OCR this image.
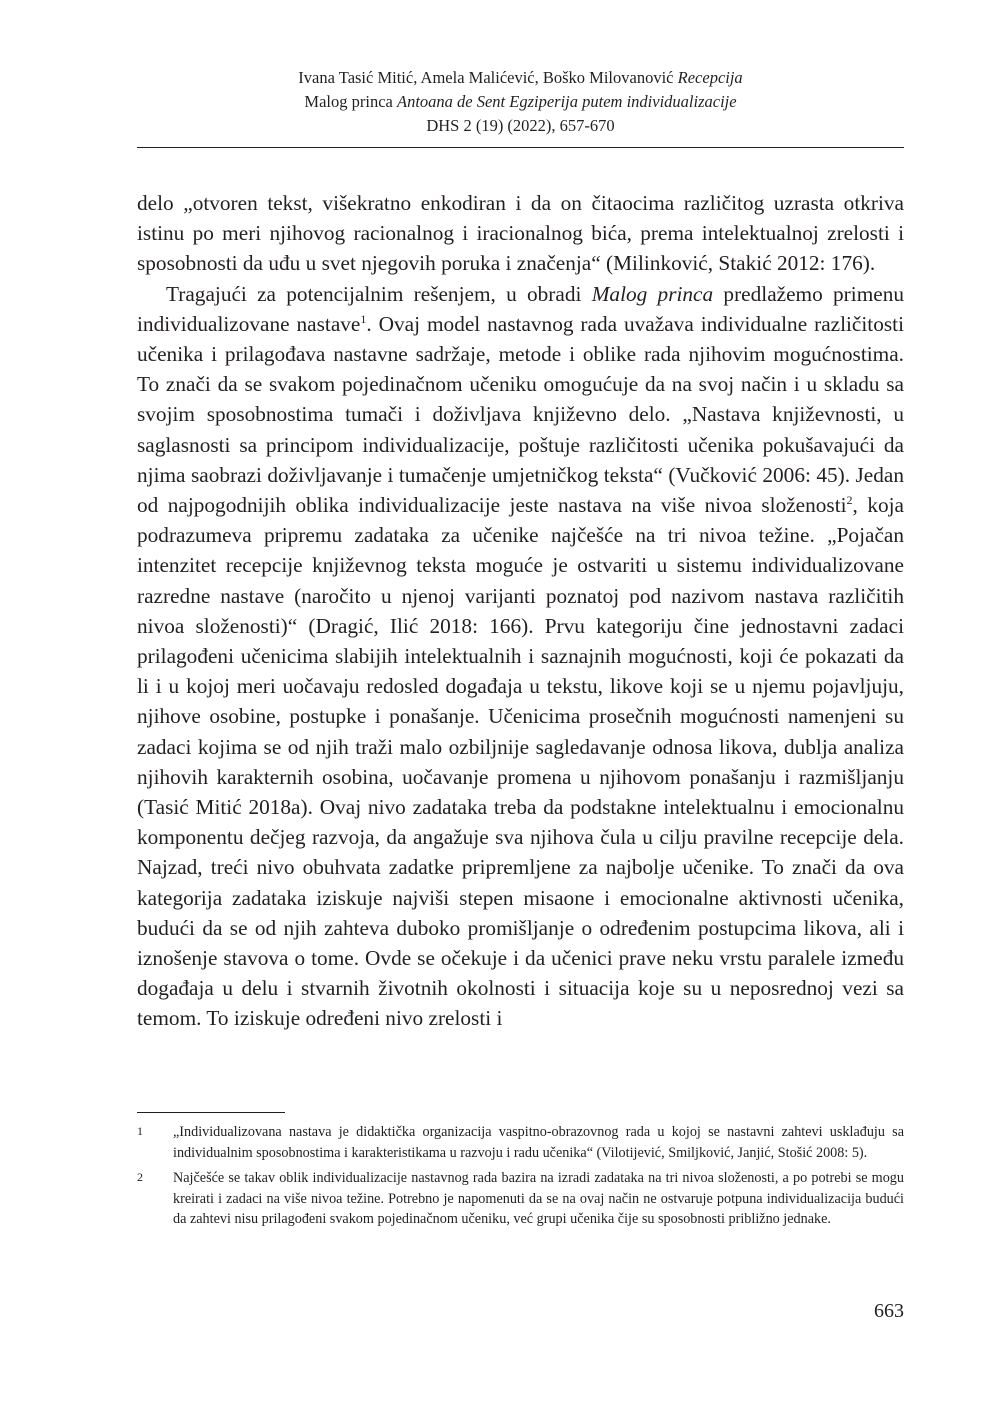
Ivana Tasić Mitić, Amela Malićević, Boško Milovanović Recepcija
Malog princa Antoana de Sent Egziperija putem individualizacije
DHS 2 (19) (2022), 657-670

delo „otvoren tekst, višekratno enkodiran i da on čitaocima različitog uzrasta otkriva istinu po meri njihovog racionalnog i iracionalnog bića, prema intelektualnoj zrelosti i sposobnosti da uđu u svet njegovih poruka i značenja“ (Milinković, Stakić 2012: 176).

Tragajući za potencijalnim rešenjem, u obradi Malog princa predlažemo primenu individualizovane nastave$^1$. Ovaj model nastavnog rada uvažava individualne različitosti učenika i prilagođava nastavne sadržaje, metode i oblike rada njihovim mogućnostima. To znači da se svakom pojedinačnom učeniku omogućuje da na svoj način i u skladu sa svojim sposobnostima tumači i doživljava književno delo. „Nastava književnosti, u saglasnosti sa principom individualizacije, poštuje različitosti učenika pokušavajući da njima saobrazi doživljavanje i tumačenje umjetničkog teksta“ (Vučković 2006: 45). Jedan od najpogodnijih oblika individualizacije jeste nastava na više nivoa složenosti$^2$, koja podrazumeva pripremu zadataka za učenike najčešće na tri nivoa težine. „Pojačan intenzitet recepcije književnog teksta moguće je ostvariti u sistemu individualizovane razredne nastave (naročito u njenoj varijanti poznatoj pod nazivom nastava različitih nivoa složenosti)“ (Dragić, Ilić 2018: 166). Prvu kategoriju čine jednostavni zadaci prilagođeni učenicima slabijih intelektualnih i saznajnih mogućnosti, koji će pokazati da li i u kojoj meri uočavaju redosled događaja u tekstu, likove koji se u njemu pojavljuju, njihove osobine, postupke i ponašanje. Učenicima prosečnih mogućnosti namenjeni su zadaci kojima se od njih traži malo ozbiljnije sagledavanje odnosa likova, dublja analiza njihovih karakternih osobina, uočavanje promena u njihovom ponašanju i razmišljanju (Tasić Mitić 2018a). Ovaj nivo zadataka treba da podstakne intelektualnu i emocionalnu komponentu dečjeg razvoja, da angažuje sva njihova čula u cilju pravilne recepcije dela. Najzad, treći nivo obuhvata zadatke pripremljene za najbolje učenike. To znači da ova kategorija zadataka iziskuje najviši stepen misaone i emocionalne aktivnosti učenika, budući da se od njih zahteva duboko promišljanje o određenim postupcima likova, ali i iznošenje stavova o tome. Ovde se očekuje i da učenici prave neku vrstu paralele između događaja u delu i stvarnih životnih okolnosti i situacija koje su u neposrednoj vezi sa temom. To iziskuje određeni nivo zrelosti i

1	„Individualizovana nastava je didaktička organizacija vaspitno-obrazovnog rada u kojoj se nastavni zahtevi usklađuju sa individualnim sposobnostima i karakteristikama u razvoju i radu učenika“ (Vilotijević, Smiljković, Janjić, Stošić 2008: 5).
2	Najčešće se takav oblik individualizacije nastavnog rada bazira na izradi zadataka na tri nivoa složenosti, a po potrebi se mogu kreirati i zadaci na više nivoa težine. Potrebno je napomenuti da se na ovaj način ne ostvaruje potpuna individualizacija budući da zahtevi nisu prilagođeni svakom pojedinačnom učeniku, već grupi učenika čije su sposobnosti približno jednake.
663
